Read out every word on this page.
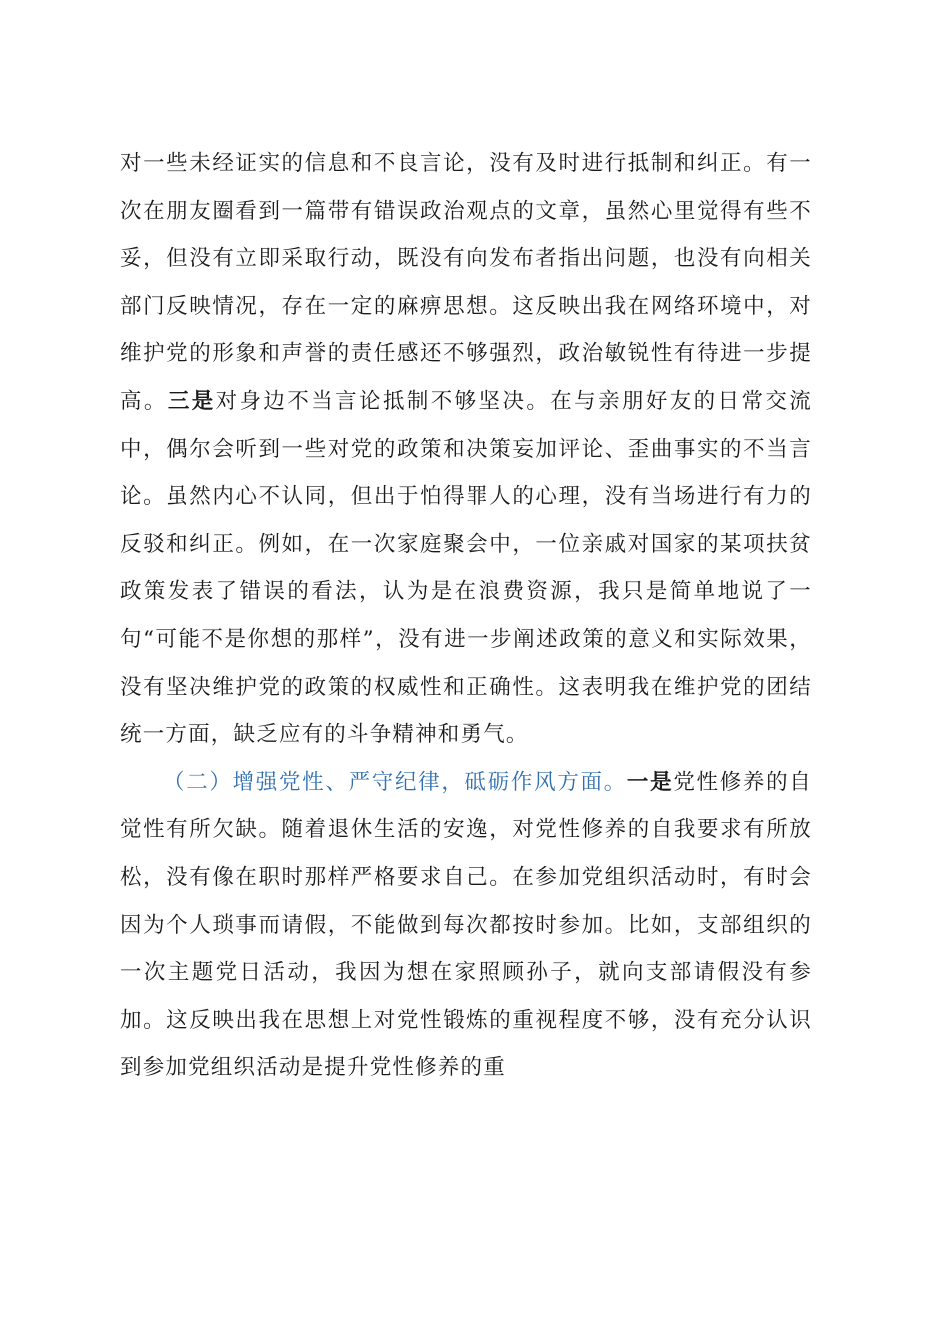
对一些未经证实的信息和不良言论，没有及时进行抵制和纠正。有一次在朋友圈看到一篇带有错误政治观点的文章，虽然心里觉得有些不妥，但没有立即采取行动，既没有向发布者指出问题，也没有向相关部门反映情况，存在一定的麻痹思想。这反映出我在网络环境中，对维护党的形象和声誉的责任感还不够强烈，政治敏锐性有待进一步提高。三是对身边不当言论抵制不够坚决。在与亲朋好友的日常交流中，偶尔会听到一些对党的政策和决策妄加评论、歪曲事实的不当言论。虽然内心不认同，但出于怕得罪人的心理，没有当场进行有力的反驳和纠正。例如，在一次家庭聚会中，一位亲戚对国家的某项扶贫政策发表了错误的看法，认为是在浪费资源，我只是简单地说了一句“可能不是你想的那样”，没有进一步阐述政策的意义和实际效果，没有坚决维护党的政策的权威性和正确性。这表明我在维护党的团结统一方面，缺乏应有的斗争精神和勇气。

（二）增强党性、严守纪律，砥砺作风方面。一是党性修养的自觉性有所欠缺。随着退休生活的安逸，对党性修养的自我要求有所放松，没有像在职时那样严格要求自己。在参加党组织活动时，有时会因为个人琐事而请假，不能做到每次都按时参加。比如，支部组织的一次主题党日活动，我因为想在家照顾孙子，就向支部请假没有参加。这反映出我在思想上对党性锻炼的重视程度不够，没有充分认识到参加党组织活动是提升党性修养的重
